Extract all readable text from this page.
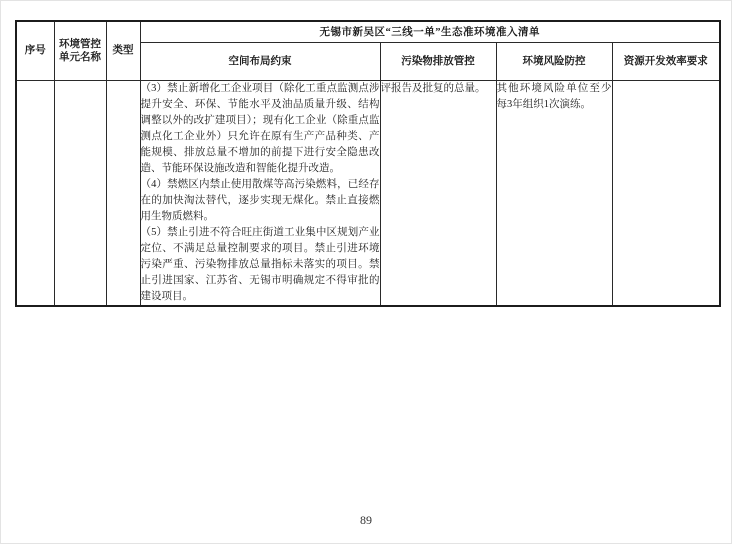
序号	环境管控单元名称	类型	无锡市新吴区“三线一单”生态准环境准入清单			
			空间布局约束	污染物排放管控	环境风险防控	资源开发效率要求

			（3）禁止新增化工企业项目（除化工重点监测点涉提升安全、环保、节能水平及油品质量升级、结构调整以外的改扩建项目）；现有化工企业（除重点监测点化工企业外）只允许在原有生产产品种类、产能规模、排放总量不增加的前提下进行安全隐患改造、节能环保设施改造和智能化提升改造。

（4）禁燃区内禁止使用散煤等高污染燃料，已经存在的加快淘汰替代，逐步实现无煤化。禁止直接燃用生物质燃料。

（5）禁止引进不符合旺庄街道工业集中区规划产业定位、不满足总量控制要求的项目。禁止引进环境污染严重、污染物排放总量指标未落实的项目。禁止引进国家、江苏省、无锡市明确规定不得审批的建设项目。	评报告及批复的总量。	其他环境风险单位至少每3年组织1次演练。	
89
